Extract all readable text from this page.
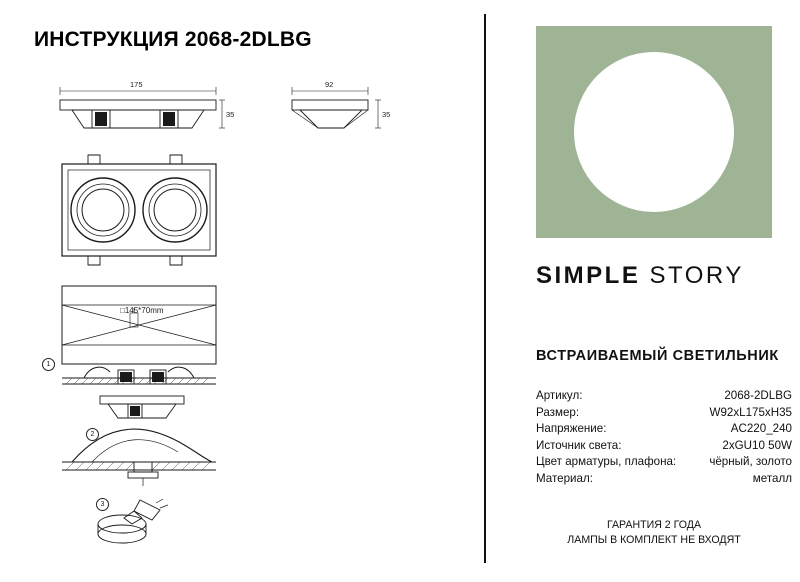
ИНСТРУКЦИЯ 2068-2DLBG
175
35
92
35
□145*70mm
1
2
3
SIMPLE STORY
ВСТРАИВАЕМЫЙ СВЕТИЛЬНИК
Артикул:	2068-2DLBG
Размер:	W92xL175xH35
Напряжение:	AC220_240
Источник света:	2xGU10 50W
Цвет арматуры, плафона:	чёрный, золото
Материал:	металл
ГАРАНТИЯ 2 ГОДА
ЛАМПЫ В КОМПЛЕКТ НЕ ВХОДЯТ
